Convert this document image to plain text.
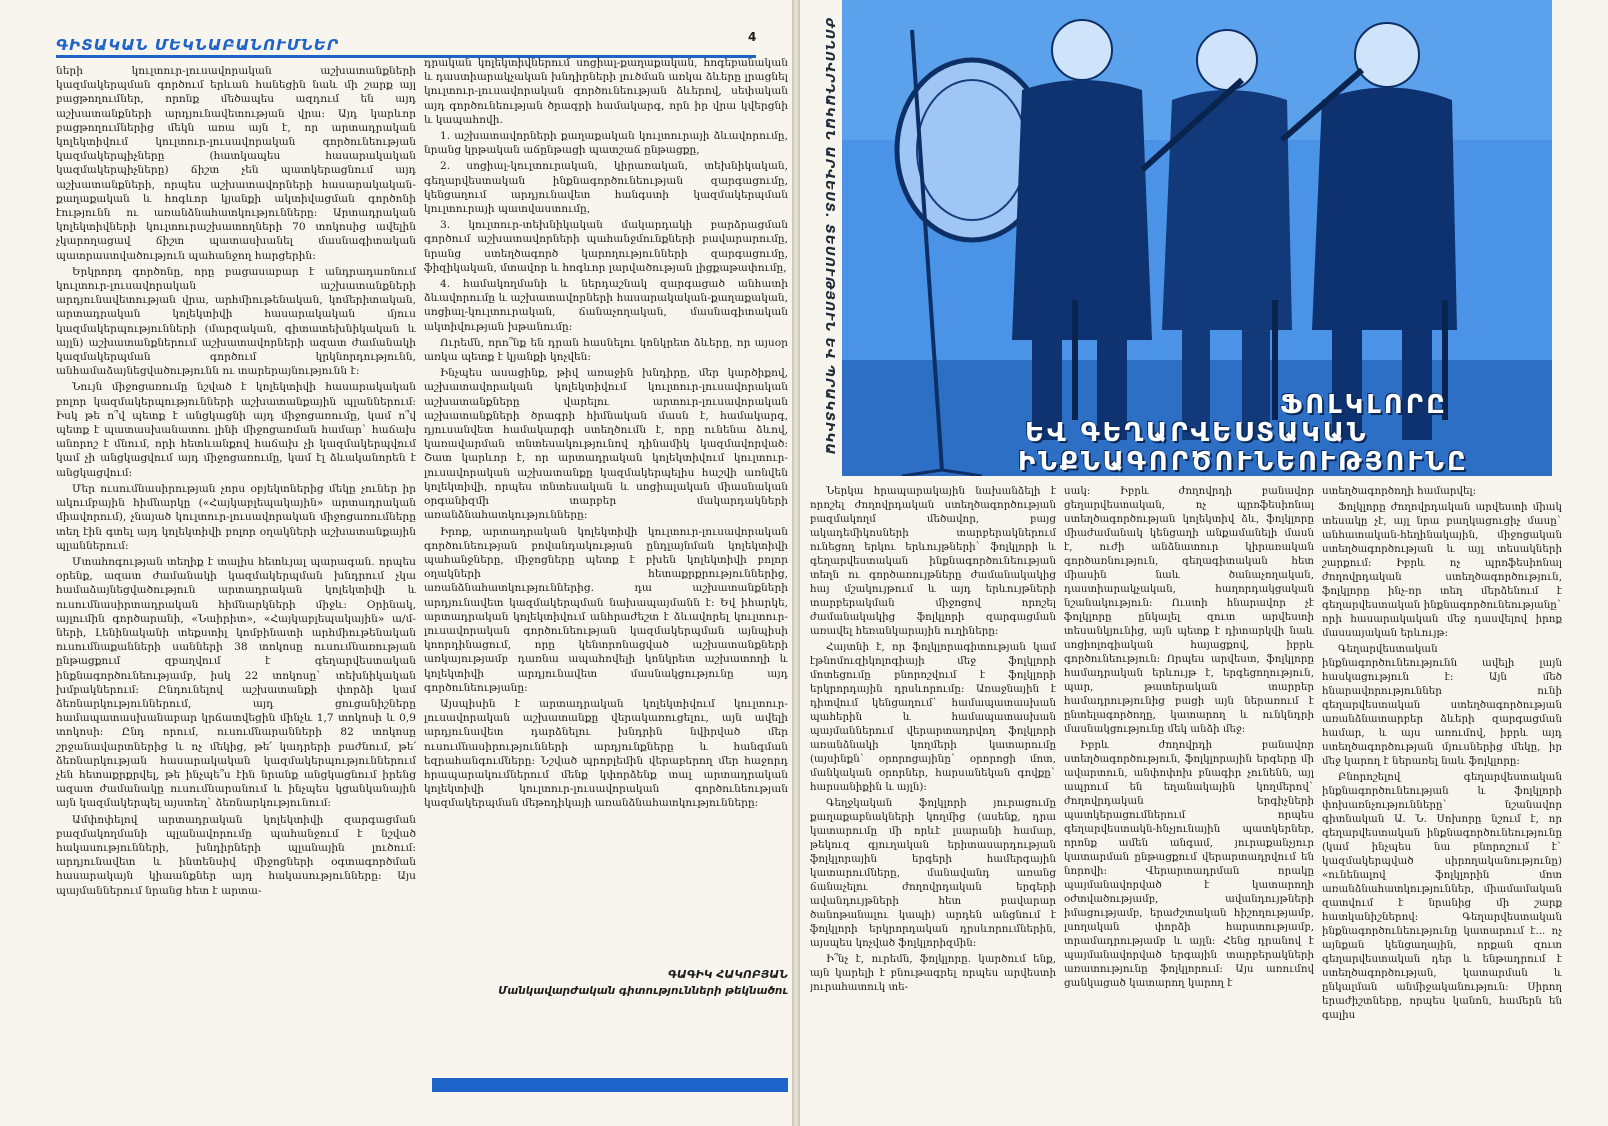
ԳԻՏԱԿԱՆ ՄԵԿՆԱԲԱՆՈՒՄՆԵՐ	4

ների կուլտուր-լուսավորական աշխատանքների կազմակերպման գործում երևան հանեցին նաև մի շարք այլ բացթողումներ, որոնք մեծապես ազդում են այդ աշխատանքների արդյունավետության վրա: Այդ կարևոր բացթողումներից մեկն առա այն է, որ արտադրական կոլեկտիվում կուլտուր-լուսավորական գործունեության կազմակերպիչները (հատկապես հասարակական կազմակերպիչները) ճիշտ չեն պատկերացնում այդ աշխատանքների, որպես աշխատավորների հասարակական-քաղաքական և հոգևոր կյանքի ակտիվացման գործոնի էությունն ու առանձնահատկությունները: Արտադրական կոլեկտիվների կուլտուրաշխատողների 70 տոկոսից ավելին չկարողացավ ճիշտ պատասխանել մասնագիտական պատրաստվածություն պահանջող հարցերին:

Երկրորդ գործոնը, որը բացասաբար է անդրադառնում կուլտուր-լուսավորական աշխատանքների արդյունավետության վրա, արհմիութենական, կոմերիտական, արտադրական կոլեկտիվի հասարակական մյուս կազմակերպությունների (մարզական, գիտատեխնիկական և այլն) աշխատանքներում աշխատավորների ազատ ժամանակի կազմակերպման գործում կրկնորդությունն, անհամաձայնեցվածությունն ու տարերայնությունն է:

Նույն միջոցառումը նշված է կոլեկտիվի հասարակական բոլոր կազմակերպությունների աշխատանքային պլաններում: Իսկ թե ո՞վ պետք է անցկացնի այդ միջոցառումը, կամ ո՞վ պետք է պատասխանատու լինի միջոցառման համար` հաճախ անորոշ է մնում, որի հետևանքով հաճախ չի կազմակերպվում կամ չի անցկացվում այդ միջոցառումը, կամ էլ ձևականորեն է անցկացվում:

Մեր ուսումնասիրության չորս օբյեկտներից մեկը չուներ իր ակումբային հիմնարկը («Հայկաբլեպակային» արտադրական միավորում), չնայած կուլտուր-լուսավորական միջոցառումները տեղ էին գտել այդ կոլեկտիվի բոլոր օղակների աշխատանքային պլաններում:

Մտահոգության տեղիք է տալիս հետևյալ պարագան. որպես օրենք, ազատ ժամանակի կազմակերպման խնդրում չկա համաձայնեցվածություն արտադրական կոլեկտիվի և ուսումնասիրտադրական հիմնարկների միջև: Օրինակ, այլումին գործարանի, «Նաիրիտ», «Հայկաբլեպակային» ա/մ-ների, Լենինականի տեքստիլ կոմբինատի արհմիութենական ուսումնաքանների սանների 38 տոկոսը ուսումնառության ընթացքում զբաղվում է գեղարվեստական ինքնագործունեությամբ, իսկ 22 տոկոսը` տեխնիկական խմբակներում: Ընդունելով աշխատանքի փորձի կամ ձեռնարկություններում, այդ ցուցանիշները համապատասխանաբար կրճատվեցին մինչև 1,7 տոկոսի և 0,9 տոկոսի: Ընդ որում, ուսումնարանների 82 տոկոսը շրջանավարտներից և ոչ մեկից, թե՛ կադրերի բաժնում, թե՛ ձեռնարկության հասարակական կազմակերպություններում չեն հետաքրքրվել, թե ինչպե՞ս էին նրանք անցկացնում իրենց ազատ ժամանակը ուսումնարանում և ինչպես կցանկանային այն կազմակերպել այստեղ` ձեռնարկությունում:

Ամփոփելով արտադրական կոլեկտիվի զարգացման բազմակողմանի պլանավորումը պահանջում է նշված հակասությունների, խնդիրների պլանային լուծում: արդյունավետ և ինտենսիվ միջոցների օգտագործման հասարակայն կիաանքներ այդ հակասությունները: Այս պայմաններում նրանց հետ է արտա-

դրական կոլեկտիվներում սոցիալ-քաղաքական, հոգեբանական և դաստիարակչական խնդիրների լուծման առկա ձևերը լրացնել կուլտուր-լուսավորական գործունեության ձևերով, սեփական այդ գործունեության ծրագրի համակարգ, որն իր վրա կվերցնի և կապահովի.

1. աշխատավորների քաղաքական կուլտուրայի ձևավորումը, նրանց կրթական աճընթացի պատշաճ ընթացքը,

2. սոցիալ-կուլտուրական, կիրառական, տեխնիկական, գեղարվեստական ինքնագործունեության զարգացումը, կենցաղում արդյունավետ հանգստի կազմակերպման կուլտուրայի պատվաստումը,

3. կուլտուր-տեխնիկական մակարդակի բարձրացման գործում աշխատավորների պահանջմունքների բավարարումը, նրանց ստեղծագործ կարողությունների զարգացումը, ֆիզիկական, մտավոր և հոգևոր լարվածության լիցքաթափումը,

4. համակողմանի և ներդաշնակ զարգացած անհատի ձևավորումը և աշխատավորների հասարակական-քաղաքական, սոցիալ-կուլտուրական, ճանաչողական, մասնագիտական ակտիվության խթանումը:

Ուրեմն, որո՞նք են դրան հասնելու կոնկրետ ձևերը, որ այսօր առկա պետք է կյանքի կոչվեն:

Ինչպես ասացինք, թիվ առաջին խնդիրը, մեր կարծիքով, աշխատավորական կոլեկտիվում կուլտուր-լուսավորական աշխատանքները վարելու արտուր-լուսավորական աշխատանքների ծրագրի հիմնական մասն է, համակարգ, դյուսանվետ համակարգի ստեղծումն է, որը ունենա ձևով, կառավարման տնտեսակությունով դինամիկ կազմավորված: Շատ կարևոր է, որ արտադրական կոլեկտիվում կուլտուր-լուսավորական աշխատանքը կազմակերպելիս հաշվի առնվեն կոլեկտիվի, որպես տնտեսական և սոցիալական միասնական օրգանիզմի տարբեր մակարդակների առանձնահատկությունները:

Իրոք, արտադրական կոլեկտիվի կուլտուր-լուսավորական գործունեության բովանդակության ընդլայնման կոլեկտիվի պահանջները, միջոցները պետք է բխեն կոլեկտիվի բոլոր օղակների հետաքրքրություններից, առանձնահատկություններից. դա աշխատանքների արդյունավետ կազմակերպման նախապայմանն է: Եվ իհարկե, արտադրական կոլեկտիվում անհրաժեշտ է ձևավորել կուլտուր-լուսավորական գործունեության կազմակերպման այնպիսի կոորդինացում, որը կենտրոնացված աշխատանքների առկայությամբ դառնա ապահովելի կոնկրետ աշխատողի և կոլեկտիվի արդյունավետ մասնակցությունը այդ գործունեությանը:

Այսպիսին է արտադրական կոլեկտիվում կուլտուր-լուսավորական աշխատանքը վերակառուցելու, այն ավելի արդյունավետ դարձնելու խնդրին նվիրված մեր ուսումնասիրությունների արդյունքները և հանգման եզրահանգումները: Նշված պրոբլեմին վերաբերող մեր հաջորդ հրապարակումներում մենք կփորձենք տալ արտադրական կոլեկտիվի կուլտուր-լուսավորական գործունեության կազմակերպման մեթոդիկայի առանձնահատկությունները:

ԳԱԳԻԿ ՀԱԿՈԲՅԱՆ
Մանկավարժական գիտությունների թեկնածու
ԺՈՂՈՎՐԴԱԿԱՆ ԱՐՎԵՍՏ. ՏԵՍՈՒԹՅՈՒՆ ԵՎ ՊՐԱԿՏԻԿԱ	ՖՈԼԿԼՈՐԸ
ԵՎ ԳԵՂԱՐՎԵՍՏԱԿԱՆ
ԻՆՔՆԱԳՈՐԾՈՒՆԵՈՒԹՅՈՒՆԸ

Ներկա հրապարակային նախանձելի է որոշել ժողովրդական ստեղծագործության բազմակողմ մեծավոր, բայց ակադեմիկոսների տարբերակներում ունեցող երկու երևույթների` ֆոլկլորի և գեղարվեստական ինքնագործունեության տեղն ու գործառույթները ժամանակակից հայ մշակույթում և այդ երևույթների տարբերակման միջոցով որոշել ժամանակակից ֆոլկլորի զարգացման առավել հեռանկարային ուղիները:

Հայտնի է, որ ֆոլկլորագիտության կամ էթնոմուզիկոլոգիայի մեջ ֆոլկլորի մոտեցումը բնորոշվում է ֆոլկլորի երկրորդային դրսևորումը: Առաջնային է դիտվում կենցաղում` համապատասխան պահերին և համապատասխան պայմաններում վերարտադրվող ֆոլկլորի առանձնակի կողմերի կատարումը (այսինքն` օրորոցայինը` օրորոցի մոտ, մանկական օրորներ, հարսանեկան գովքը` հարսանիքին և այլն):

Գեղջկական ֆոլկլորի յուրացումը քաղաքաբնակների կողմից (ասենք, դրա կատարումը մի որևէ լսարանի համար, թեկուզ գյուղական երիտասարդության ֆոլկլորային երգերի համերգային կատարումները, մանավանդ առանց ճանաչելու ժողովրդական երգերի ավանդույթների հետ բավարար ծանոթանալու կապի) արդեն անցնում է ֆոլկլորի երկրորդական դրսևորումներին, այսպես կոչված ֆոլկլորիզմին:

Ի՞նչ է, ուրեմն, ֆոլկլորը. կարծում ենք, այն կարելի է բնութագրել որպես արվեստի յուրահատուկ տե-

սակ: Իբրև ժողովրդի բանավոր ցեղարվեստական, ոչ պրոֆեսիոնալ ստեղծագործության կոլեկտիվ ձև, ֆոլկլորը միաժամանակ կենցաղի անքամանելի մասն է, ուժի անձնատուր կիրառական գործառնություն, գեղագիտական հետ միասին նաև ծանաչողական, դաստիարակչական, հաղորդակցական նշանակություն: Ուստի հնարավոր չէ ֆոլկլորը ընկալել զուտ արվեստի տեսանկյունից, այն պետք է դիտարկվի նաև սոցիոլոգիական հայացքով, իբրև գործունեություն: Որպես արվեստ, ֆոլկլորը համադրական երևույթ է, երգեցողություն, պար, թատերական տարրեր համադրությունից բացի այն ներառում է ընտելագործողը, կատարող և ունկնդրի մասնակցությունը մեկ անձի մեջ:

Իբրև ժողովրդի բանավոր ստեղծագործություն, ֆոլկլորային երգերը մի ավարտուն, անփոփոխ բնագիր չունենն, այլ ապրում են եղանակային կողմերով` ժողովրդական երգիչների պատկերացումներում որպես գեղարվեստակն-հնչյունային պատկերներ, որոնք ամեն անգամ, յուրաքանչյուր կատարման ընթացքում վերարտադրվում են նորովի: Վերարտադրման որակը պայմանավորված է կատարողի օժտվածությամբ, ավանդույթների իմացությամբ, երաժշտական հիշողությամբ, լսողական փորձի հարստությամբ, տրամադրությամբ և այլն: Հենց դրանով է պայմանավորված երգային տարբերակների առատությունը ֆոլկլորում: Այս առումով ցանկացած կատարող կարող է

ստեղծագործողի համարվել:

Ֆոլկլորը ժողովրդական արվեստի միակ տեսակը չէ, այլ նրա բաղկացուցիչ մասը` անհատական-հեղինակային, միջոցական ստեղծագործության և այլ տեսակների շարքում: Իբրև ոչ պրոֆեսիոնալ ժողովրդական ստեղծագործություն, ֆոլկլորը ինչ-որ տեղ մերձենում է գեղարվեստական ինքնագործունեությանը` որի հասարակական մեջ դասվելով իրոք մասսայական երևույթ:

Գեղարվեստական ինքնագործունեությունն ավելի լայն հասկացություն է: Այն մեծ հնարավորություններ ունի գեղարվեստական ստեղծագործության առանձնատարբեր ձևերի զարգացման համար, և այս առումով, իբրև այդ ստեղծագործության մյուսներից մեկը, իր մեջ կարող է ներառել նաև ֆոլկլորը:

Բնորոշելով գեղարվեստական ինքնագործունեության և ֆոլկլորի փոխառնչությունները` նշանավոր գիտնական Ա. Ն. Սոխորը նշում է, որ գեղարվեստական ինքնագործունեությունը (կամ ինչպես նա բնորոշում է` կազմակերպված սիրողականությունը) «ունենալով ֆոլկլորին մոտ առանձնահատկություններ, միամամական զատվում է նրանից մի շարք հատկանիշներով: Գեղարվեստական ինքնագործունեությունը կատարում է... ոչ այնքան կենցաղային, որքան զուտ գեղարվեստական դեր և ենթադրում է ստեղծագործության, կատարման և ընկալման անմիջականություն: Սիրող երաժիշտները, որպես կանոն, համերն են գալիս
